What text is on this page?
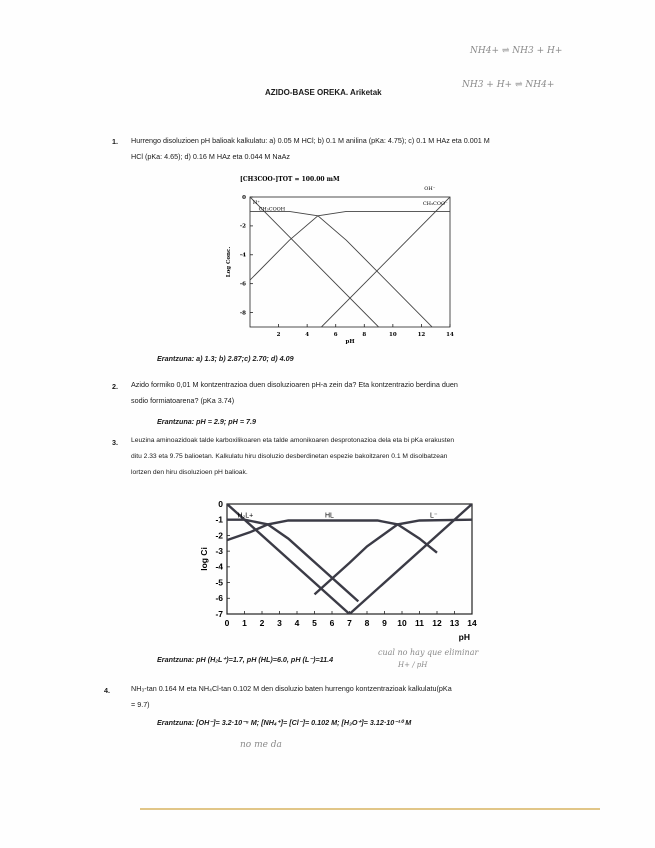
NH4+ ⇌ NH3 + H+
NH3 + H+ ⇌ NH4+
AZIDO-BASE OREKA. Ariketak
1. Hurrengo disoluzioen pH balioak kalkulatu: a) 0.05 M HCl; b) 0.1 M anilina (pKa: 4.75); c) 0.1 M HAz eta 0.001 M
HCl (pKa: 4.65); d) 0.16 M HAz eta 0.044 M NaAz
[CH3COO-]TOT = 100.00 mM
2	4	6	8	10	12	14
0
-2
-4
-6
-8
pH
Log Conc.
H⁺
CH₃COOH
OH⁻
CH₃COO⁻
Erantzuna: a) 1.3; b) 2.87;c) 2.70; d) 4.09
2. Azido formiko 0,01 M kontzentrazioa duen disoluzioaren pH-a zein da? Eta kontzentrazio berdina duen
sodio formiatoarena? (pKa 3.74)
Erantzuna: pH = 2.9; pH = 7.9
3. Leuzina aminoazidoak talde karboxilikoaren eta talde amonikoaren desprotonazioa dela eta bi pKa erakusten
ditu 2.33 eta 9.75 balioetan. Kalkulatu hiru disoluzio desberdinetan espezie bakoitzaren 0.1 M disolbatzean
lortzen den hiru disoluzioen pH balioak.
0 1 2 3 4 5 6 7 8 9 10 11 12 13 14
0
-1
-2
-3
-4
-5
-6
-7
pH
log Ci
H₂L+	HL	L⁻
Erantzuna: pH (H₂L⁺)=1.7, pH (HL)=6.0, pH (L⁻)=11.4
cual no hay que eliminar
H+ / pH
4.	NH₃-tan 0.164 M eta NH₄Cl-tan 0.102 M den disoluzio baten hurrengo kontzentrazioak kalkulatu(pKa
= 9.7)
Erantzuna: [OH⁻]= 3.2·10⁻⁵ M; [NH₄⁺]= [Cl⁻]= 0.102 M; [H₃O⁺]= 3.12·10⁻¹⁰ M
no me da
